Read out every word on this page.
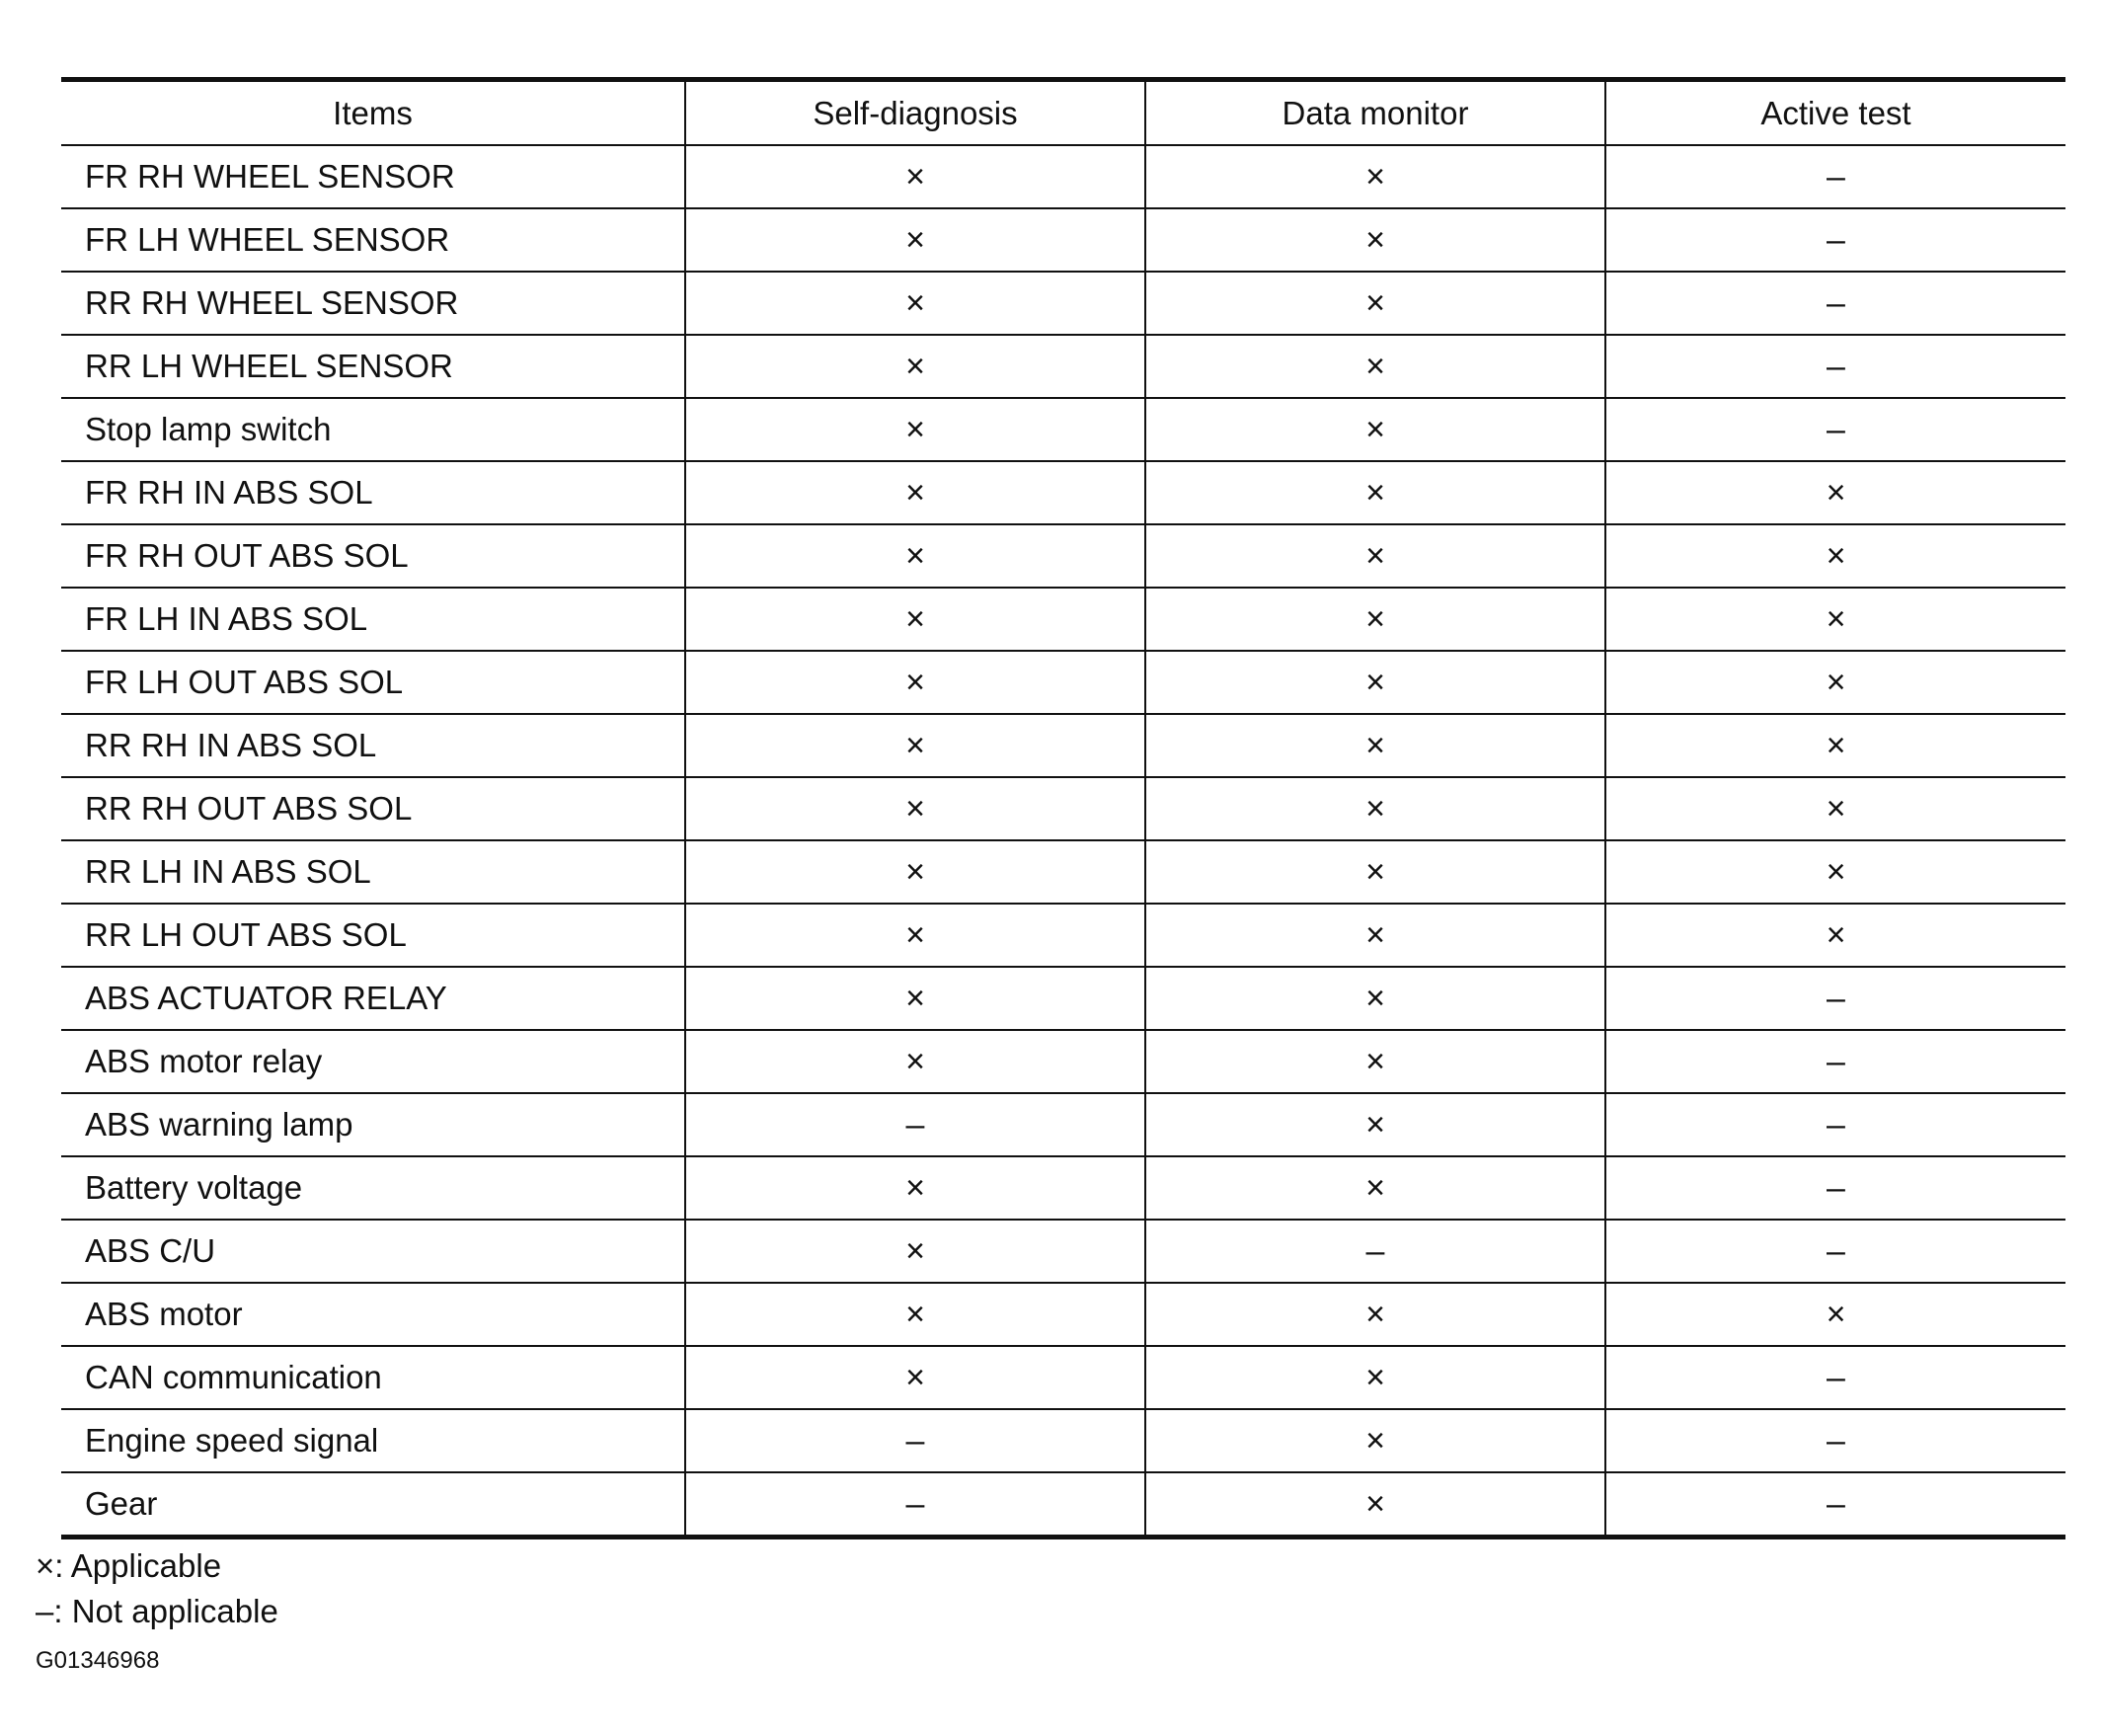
Items	Self-diagnosis	Data monitor	Active test
FR RH WHEEL SENSOR	×	×	–
FR LH WHEEL SENSOR	×	×	–
RR RH WHEEL SENSOR	×	×	–
RR LH WHEEL SENSOR	×	×	–
Stop lamp switch	×	×	–
FR RH IN ABS SOL	×	×	×
FR RH OUT ABS SOL	×	×	×
FR LH IN ABS SOL	×	×	×
FR LH OUT ABS SOL	×	×	×
RR RH IN ABS SOL	×	×	×
RR RH OUT ABS SOL	×	×	×
RR LH IN ABS SOL	×	×	×
RR LH OUT ABS SOL	×	×	×
ABS ACTUATOR RELAY	×	×	–
ABS motor relay	×	×	–
ABS warning lamp	–	×	–
Battery voltage	×	×	–
ABS C/U	×	–	–
ABS motor	×	×	×
CAN communication	×	×	–
Engine speed signal	–	×	–
Gear	–	×	–
×: Applicable
–: Not applicable
G01346968
